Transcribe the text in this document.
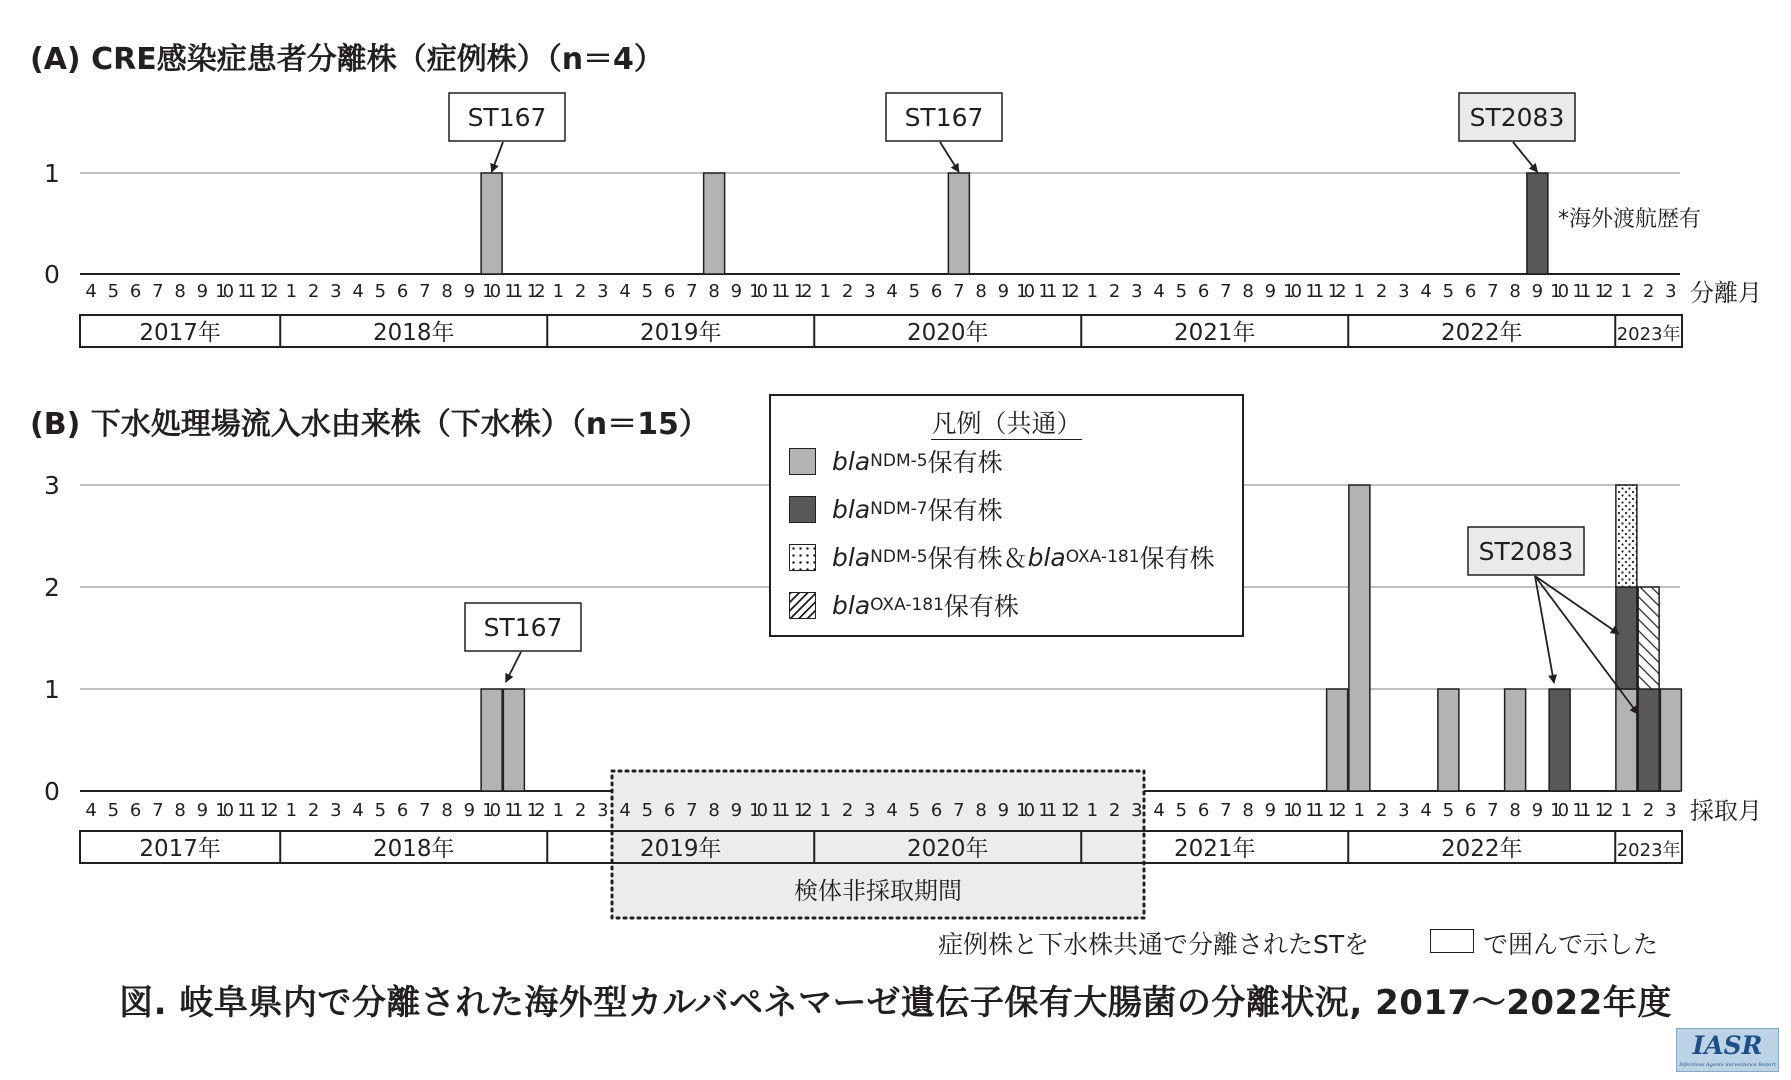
(A) CRE感染症患者分離株（症例株）（n＝4）
0
1
4 5 6 7 8 9 10 11 12 1 2 3 4 5 6 7 8 9 10 11 12 1 2 3 4 5 6 7 8 9 10 11 12 1 2 3 4 5 6 7 8 9 10 11 12 1 2 3 4 5 6 7 8 9 10 11 12 1 2 3 4 5 6 7 8 9 10 11 12 1 2 3 分離月
2017年	2018年	2019年	2020年	2021年	2022年	2023年
ST167	ST167	ST2083
*海外渡航歴有
(B) 下水処理場流入水由来株（下水株）（n＝15）
0
1
2
3
4 5 6 7 8 9 10 11 12 1 2 3 4 5 6 7 8 9 10 11 12 1 2 3 4 5 6 7 8 9 10 11 12 1 2 3 4 5 6 7 8 9 10 11 12 1 2 3 4 5 6 7 8 9 10 11 12 1 2 3 4 5 6 7 8 9 10 11 12 1 2 3 採取月
2017年	2018年	2019年	2020年	2021年	2022年	2023年
検体非採取期間
ST167
ST2083
凡例（共通）
bla NDM-5 保有株
bla NDM-7 保有株
bla NDM-5 保有株＆ bla OXA-181 保有株
bla OXA-181 保有株
症例株と下水株共通で分離されたSTを	で囲んで示した
図. 岐阜県内で分離された海外型カルバペネマーゼ遺伝子保有大腸菌の分離状況, 2017〜2022年度
IASR
Infectious Agents Surveillance Report
